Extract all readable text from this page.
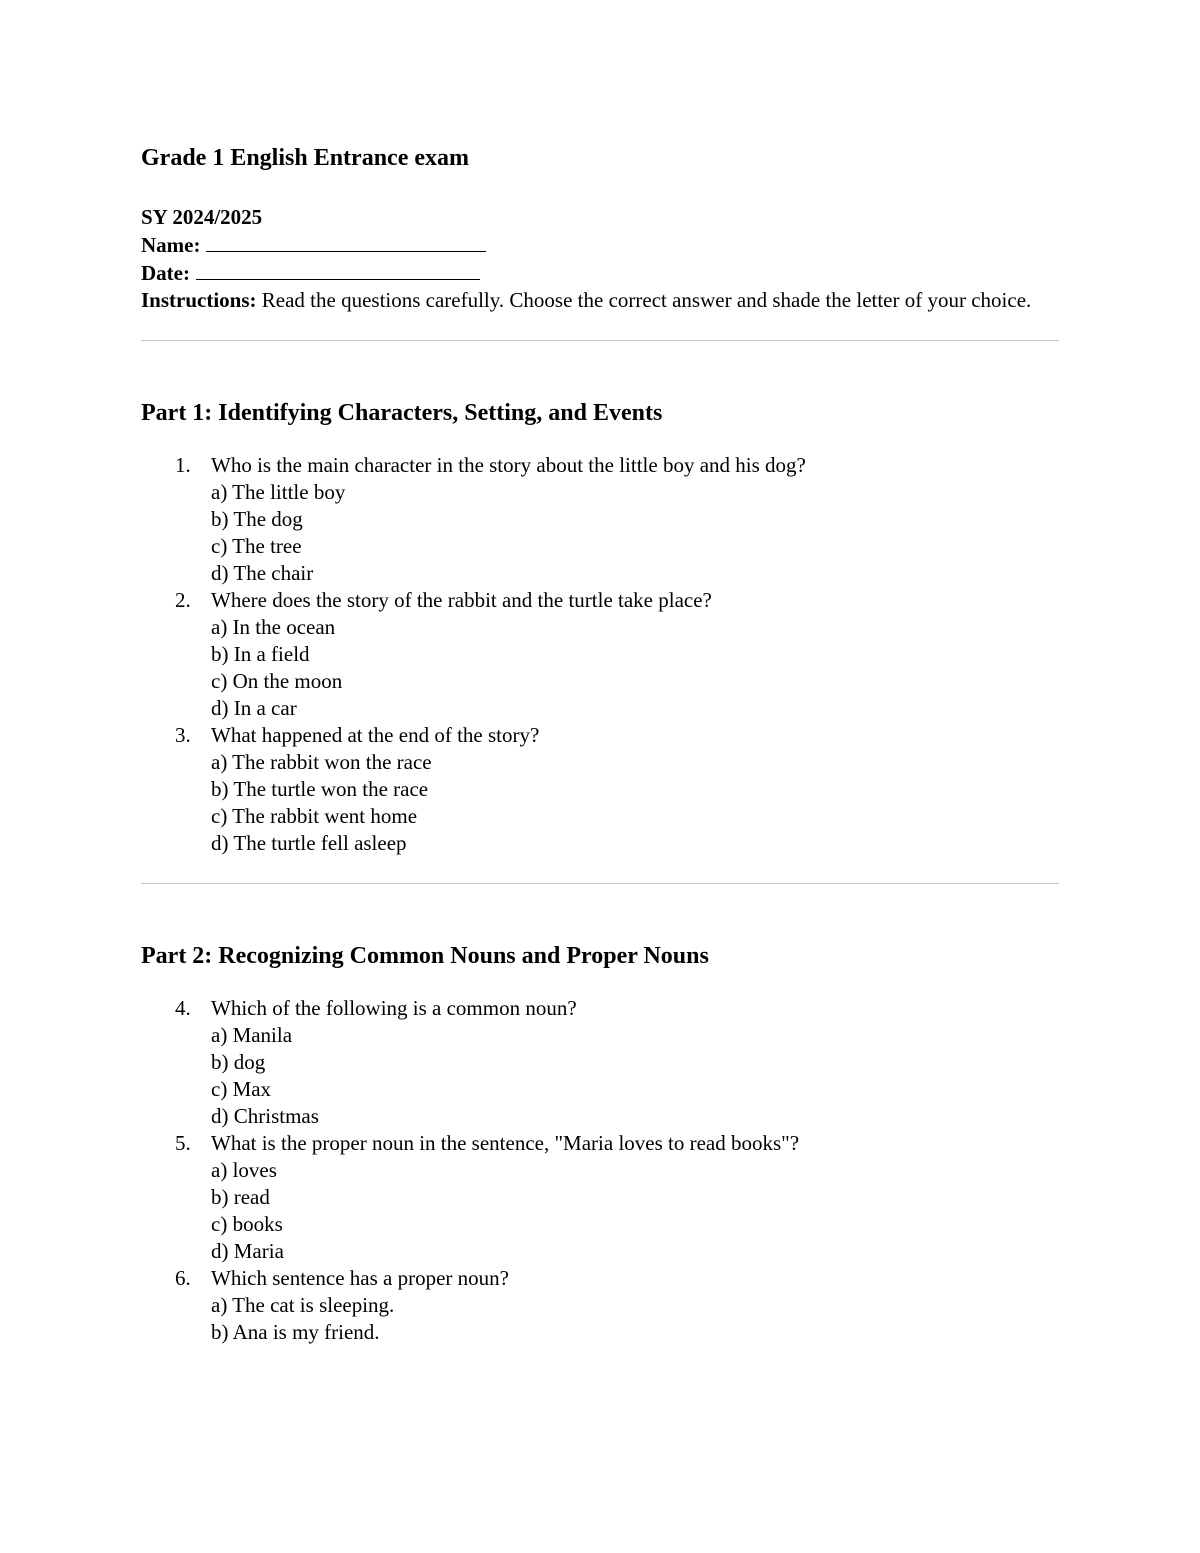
Grade 1 English Entrance exam
SY 2024/2025
Name:
Date:
Instructions: Read the questions carefully. Choose the correct answer and shade the letter of your choice.
Part 1: Identifying Characters, Setting, and Events
1. Who is the main character in the story about the little boy and his dog?
a) The little boy
b) The dog
c) The tree
d) The chair
2. Where does the story of the rabbit and the turtle take place?
a) In the ocean
b) In a field
c) On the moon
d) In a car
3. What happened at the end of the story?
a) The rabbit won the race
b) The turtle won the race
c) The rabbit went home
d) The turtle fell asleep
Part 2: Recognizing Common Nouns and Proper Nouns
4. Which of the following is a common noun?
a) Manila
b) dog
c) Max
d) Christmas
5. What is the proper noun in the sentence, "Maria loves to read books"?
a) loves
b) read
c) books
d) Maria
6. Which sentence has a proper noun?
a) The cat is sleeping.
b) Ana is my friend.
